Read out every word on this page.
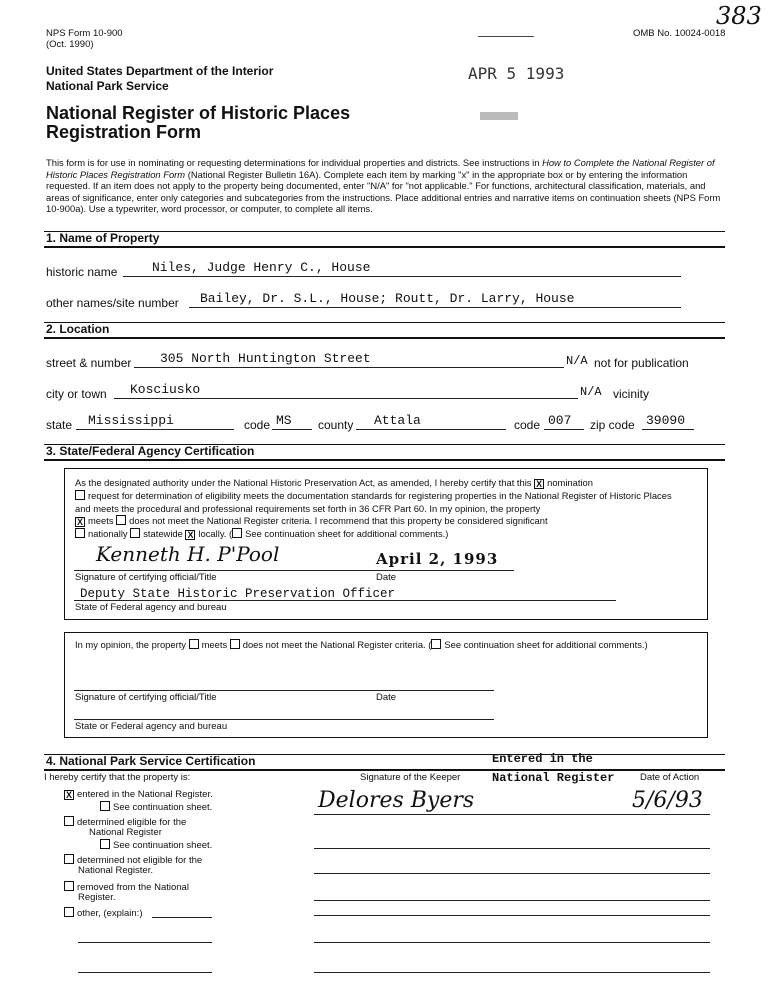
NPS Form 10-900
(Oct. 1990)
OMB No. 10024-0018
383
United States Department of the Interior
National Park Service
APR 5 1993
National Register of Historic Places
Registration Form
This form is for use in nominating or requesting determinations for individual properties and districts. See instructions in How to Complete the National Register of Historic Places Registration Form (National Register Bulletin 16A). Complete each item by marking "x" in the appropriate box or by entering the information requested. If an item does not apply to the property being documented, enter "N/A" for "not applicable." For functions, architectural classification, materials, and areas of significance, enter only categories and subcategories from the instructions. Place additional entries and narrative items on continuation sheets (NPS Form 10-900a). Use a typewriter, word processor, or computer, to complete all items.
1. Name of Property
historic name	Niles, Judge Henry C., House
other names/site number Bailey, Dr. S.L., House; Routt, Dr. Larry, House
2. Location
street & number 305 North Huntington Street	N/A not for publication
city or town Kosciusko	N/A vicinity
state Mississippi	code MS county Attala	code 007 zip code 39090
3. State/Federal Agency Certification
As the designated authority under the National Historic Preservation Act, as amended, I hereby certify that this X nomination
request for determination of eligibility meets the documentation standards for registering properties in the National Register of Historic Places and meets the procedural and professional requirements set forth in 36 CFR Part 60. In my opinion, the property
X meets does not meet the National Register criteria. I recommend that this property be considered significant
nationally statewide X locally. ( See continuation sheet for additional comments.)
Kenneth H. P'Pool	April 2, 1993
Signature of certifying official/Title	Date
Deputy State Historic Preservation Officer
State of Federal agency and bureau
In my opinion, the property meets does not meet the National Register criteria. ( See continuation sheet for additional comments.)
Signature of certifying official/Title	Date
State or Federal agency and bureau
4. National Park Service Certification	Entered in the
National Register
I hereby certify that the property is:	Signature of the Keeper	Date of Action
Delores Byers	5/6/93
X entered in the National Register.
See continuation sheet.
determined eligible for the
National Register
See continuation sheet.
determined not eligible for the
National Register.
removed from the National
Register.
other, (explain:)
